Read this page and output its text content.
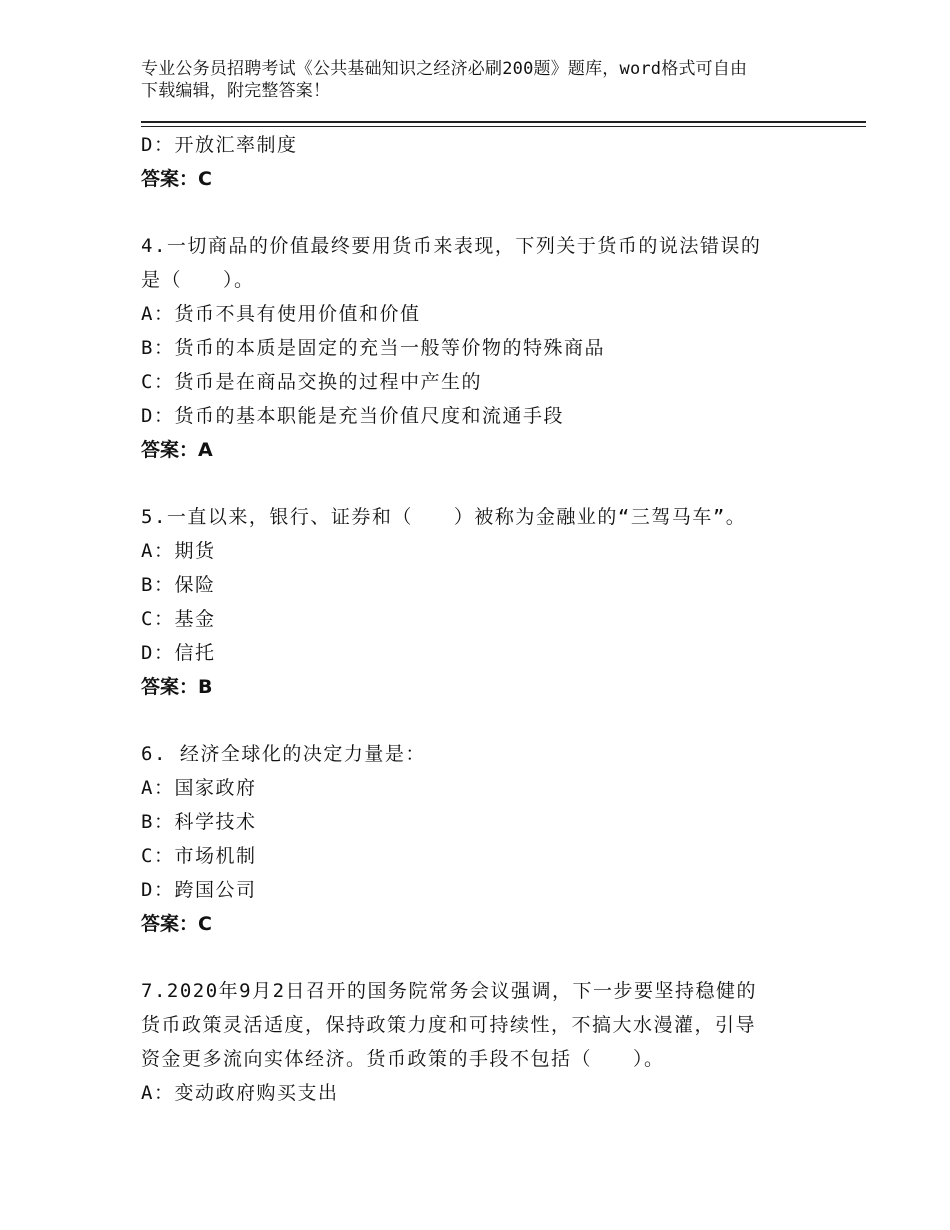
专业公务员招聘考试《公共基础知识之经济必刷200题》题库，word格式可自由
下载编辑，附完整答案！
D：开放汇率制度
答案：C
4.一切商品的价值最终要用货币来表现，下列关于货币的说法错误的
是（　　）。
A：货币不具有使用价值和价值
B：货币的本质是固定的充当一般等价物的特殊商品
C：货币是在商品交换的过程中产生的
D：货币的基本职能是充当价值尺度和流通手段
答案：A
5.一直以来，银行、证券和（　　）被称为金融业的“三驾马车”。
A：期货
B：保险
C：基金
D：信托
答案：B
6. 经济全球化的决定力量是：
A：国家政府
B：科学技术
C：市场机制
D：跨国公司
答案：C
7.2020年9月2日召开的国务院常务会议强调，下一步要坚持稳健的
货币政策灵活适度，保持政策力度和可持续性，不搞大水漫灌，引导
资金更多流向实体经济。货币政策的手段不包括（　　）。
A：变动政府购买支出
